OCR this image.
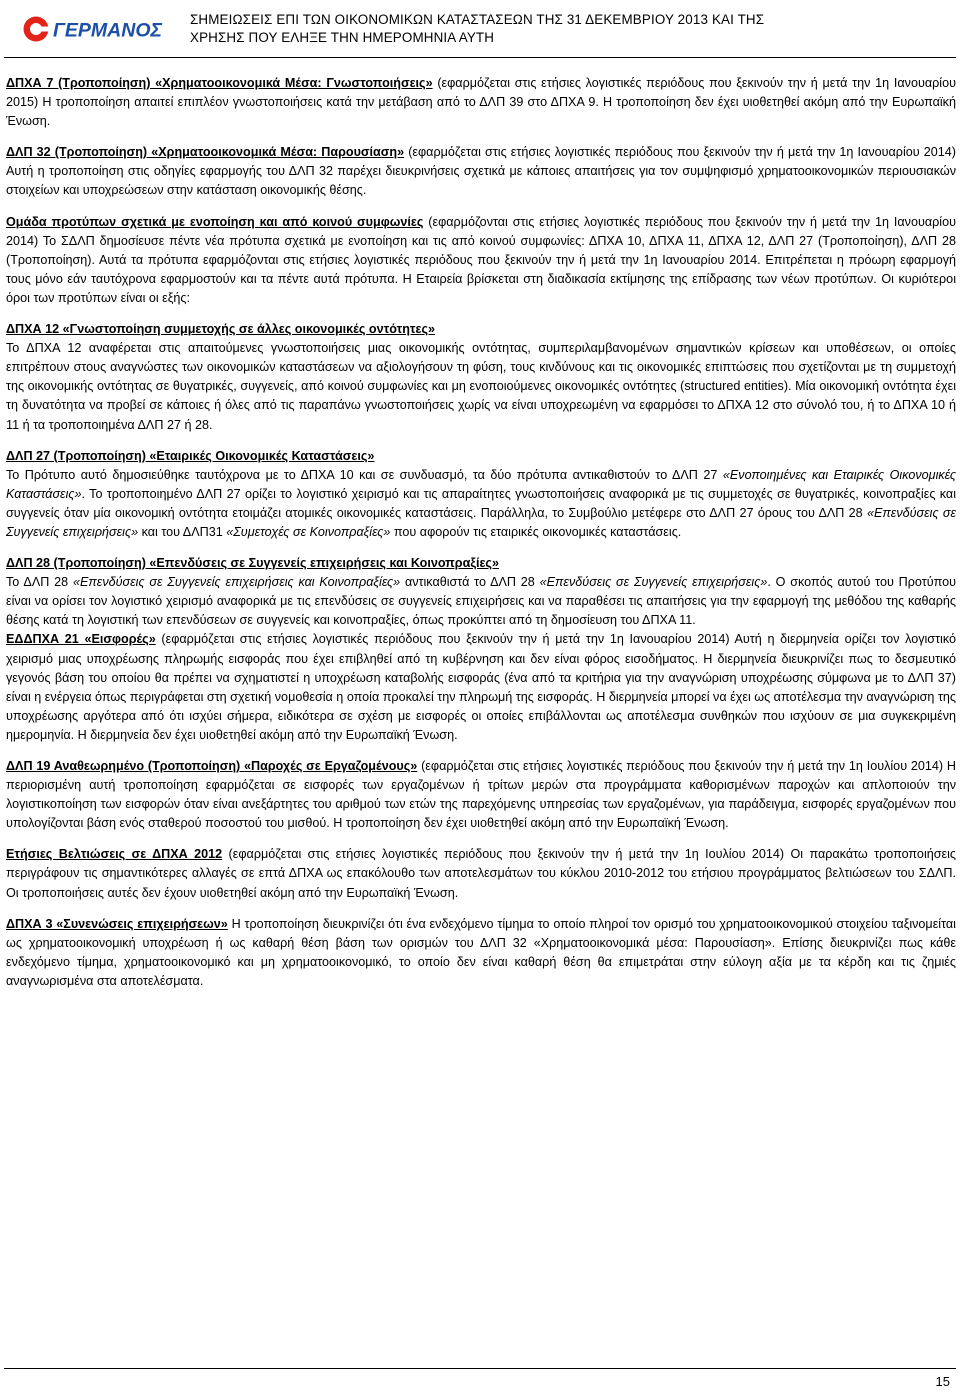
ΓΕΡΜΑΝΟΣ ΣΗΜΕΙΩΣΕΙΣ ΕΠΙ ΤΩΝ ΟΙΚΟΝΟΜΙΚΩΝ ΚΑΤΑΣΤΑΣΕΩΝ ΤΗΣ 31 ΔΕΚΕΜΒΡΙΟΥ 2013 ΚΑΙ ΤΗΣ
ΧΡΗΣΗΣ ΠΟΥ ΕΛΗΞΕ ΤΗΝ ΗΜΕΡΟΜΗΝΙΑ ΑΥΤΗ

ΔΠΧΑ 7 (Τροποποίηση) «Χρηματοοικονομικά Μέσα: Γνωστοποιήσεις» (εφαρμόζεται στις ετήσιες λογιστικές περιόδους που ξεκινούν την ή μετά την 1η Ιανουαρίου 2015) Η τροποποίηση απαιτεί επιπλέον γνωστοποιήσεις κατά την μετάβαση από το ΔΛΠ 39 στο ΔΠΧΑ 9. Η τροποποίηση δεν έχει υιοθετηθεί ακόμη από την Ευρωπαϊκή Ένωση.

ΔΛΠ 32 (Τροποποίηση) «Χρηματοοικονομικά Μέσα: Παρουσίαση» (εφαρμόζεται στις ετήσιες λογιστικές περιόδους που ξεκινούν την ή μετά την 1η Ιανουαρίου 2014) Αυτή η τροποποίηση στις οδηγίες εφαρμογής του ΔΛΠ 32 παρέχει διευκρινήσεις σχετικά με κάποιες απαιτήσεις για τον συμψηφισμό χρηματοοικονομικών περιουσιακών στοιχείων και υποχρεώσεων στην κατάσταση οικονομικής θέσης.

Ομάδα προτύπων σχετικά με ενοποίηση και από κοινού συμφωνίες (εφαρμόζονται στις ετήσιες λογιστικές περιόδους που ξεκινούν την ή μετά την 1η Ιανουαρίου 2014) Το ΣΔΛΠ δημοσίευσε πέντε νέα πρότυπα σχετικά με ενοποίηση και τις από κοινού συμφωνίες: ΔΠΧΑ 10, ΔΠΧΑ 11, ΔΠΧΑ 12, ΔΛΠ 27 (Τροποποίηση), ΔΛΠ 28 (Τροποποίηση). Αυτά τα πρότυπα εφαρμόζονται στις ετήσιες λογιστικές περιόδους που ξεκινούν την ή μετά την 1η Ιανουαρίου 2014. Επιτρέπεται η πρόωρη εφαρμογή τους μόνο εάν ταυτόχρονα εφαρμοστούν και τα πέντε αυτά πρότυπα. Η Εταιρεία βρίσκεται στη διαδικασία εκτίμησης της επίδρασης των νέων προτύπων. Οι κυριότεροι όροι των προτύπων είναι οι εξής:

ΔΠΧΑ 12 «Γνωστοποίηση συμμετοχής σε άλλες οικονομικές οντότητες»
Το ΔΠΧΑ 12 αναφέρεται στις απαιτούμενες γνωστοποιήσεις μιας οικονομικής οντότητας, συμπεριλαμβανομένων σημαντικών κρίσεων και υποθέσεων, οι οποίες επιτρέπουν στους αναγνώστες των οικονομικών καταστάσεων να αξιολογήσουν τη φύση, τους κινδύνους και τις οικονομικές επιπτώσεις που σχετίζονται με τη συμμετοχή της οικονομικής οντότητας σε θυγατρικές, συγγενείς, από κοινού συμφωνίες και μη ενοποιούμενες οικονομικές οντότητες (structured entities). Μία οικονομική οντότητα έχει τη δυνατότητα να προβεί σε κάποιες ή όλες από τις παραπάνω γνωστοποιήσεις χωρίς να είναι υποχρεωμένη να εφαρμόσει το ΔΠΧΑ 12 στο σύνολό του, ή το ΔΠΧΑ 10 ή 11 ή τα τροποποιημένα ΔΛΠ 27 ή 28.

ΔΛΠ 27 (Τροποποίηση) «Εταιρικές Οικονομικές Καταστάσεις»
Το Πρότυπο αυτό δημοσιεύθηκε ταυτόχρονα με το ΔΠΧΑ 10 και σε συνδυασμό, τα δύο πρότυπα αντικαθιστούν το ΔΛΠ 27 «Ενοποιημένες και Εταιρικές Οικονομικές Καταστάσεις». Το τροποποιημένο ΔΛΠ 27 ορίζει το λογιστικό χειρισμό και τις απαραίτητες γνωστοποιήσεις αναφορικά με τις συμμετοχές σε θυγατρικές, κοινοπραξίες και συγγενείς όταν μία οικονομική οντότητα ετοιμάζει ατομικές οικονομικές καταστάσεις. Παράλληλα, το Συμβούλιο μετέφερε στο ΔΛΠ 27 όρους του ΔΛΠ 28 «Επενδύσεις σε Συγγενείς επιχειρήσεις» και του ΔΛΠ31 «Συμετοχές σε Κοινοπραξίες» που αφορούν τις εταιρικές οικονομικές καταστάσεις.

ΔΛΠ 28 (Τροποποίηση) «Επενδύσεις σε Συγγενείς επιχειρήσεις και Κοινοπραξίες»
Το ΔΛΠ 28 «Επενδύσεις σε Συγγενείς επιχειρήσεις και Κοινοπραξίες» αντικαθιστά το ΔΛΠ 28 «Επενδύσεις σε Συγγενείς επιχειρήσεις». Ο σκοπός αυτού του Προτύπου είναι να ορίσει τον λογιστικό χειρισμό αναφορικά με τις επενδύσεις σε συγγενείς επιχειρήσεις και να παραθέσει τις απαιτήσεις για την εφαρμογή της μεθόδου της καθαρής θέσης κατά τη λογιστική των επενδύσεων σε συγγενείς και κοινοπραξίες, όπως προκύπτει από τη δημοσίευση του ΔΠΧΑ 11.

ΕΔΔΠΧΑ 21 «Εισφορές» (εφαρμόζεται στις ετήσιες λογιστικές περιόδους που ξεκινούν την ή μετά την 1η Ιανουαρίου 2014) Αυτή η διερμηνεία ορίζει τον λογιστικό χειρισμό μιας υποχρέωσης πληρωμής εισφοράς που έχει επιβληθεί από τη κυβέρνηση και δεν είναι φόρος εισοδήματος. Η διερμηνεία διευκρινίζει πως το δεσμευτικό γεγονός βάση του οποίου θα πρέπει να σχηματιστεί η υποχρέωση καταβολής εισφοράς (ένα από τα κριτήρια για την αναγνώριση υποχρέωσης σύμφωνα με το ΔΛΠ 37) είναι η ενέργεια όπως περιγράφεται στη σχετική νομοθεσία η οποία προκαλεί την πληρωμή της εισφοράς. Η διερμηνεία μπορεί να έχει ως αποτέλεσμα την αναγνώριση της υποχρέωσης αργότερα από ότι ισχύει σήμερα, ειδικότερα σε σχέση με εισφορές οι οποίες επιβάλλονται ως αποτέλεσμα συνθηκών που ισχύουν σε μια συγκεκριμένη ημερομηνία. Η διερμηνεία δεν έχει υιοθετηθεί ακόμη από την Ευρωπαϊκή Ένωση.

ΔΛΠ 19 Αναθεωρημένο (Τροποποίηση) «Παροχές σε Εργαζομένους» (εφαρμόζεται στις ετήσιες λογιστικές περιόδους που ξεκινούν την ή μετά την 1η Ιουλίου 2014) Η περιορισμένη αυτή τροποποίηση εφαρμόζεται σε εισφορές των εργαζομένων ή τρίτων μερών στα προγράμματα καθορισμένων παροχών και απλοποιούν την λογιστικοποίηση των εισφορών όταν είναι ανεξάρτητες του αριθμού των ετών της παρεχόμενης υπηρεσίας των εργαζομένων, για παράδειγμα, εισφορές εργαζομένων που υπολογίζονται βάση ενός σταθερού ποσοστού του μισθού. Η τροποποίηση δεν έχει υιοθετηθεί ακόμη από την Ευρωπαϊκή Ένωση.

Ετήσιες Βελτιώσεις σε ΔΠΧΑ 2012 (εφαρμόζεται στις ετήσιες λογιστικές περιόδους που ξεκινούν την ή μετά την 1η Ιουλίου 2014) Οι παρακάτω τροποποιήσεις περιγράφουν τις σημαντικότερες αλλαγές σε επτά ΔΠΧΑ ως επακόλουθο των αποτελεσμάτων του κύκλου 2010-2012 του ετήσιου προγράμματος βελτιώσεων του ΣΔΛΠ. Οι τροποποιήσεις αυτές δεν έχουν υιοθετηθεί ακόμη από την Ευρωπαϊκή Ένωση.

ΔΠΧΑ 3 «Συνενώσεις επιχειρήσεων» Η τροποποίηση διευκρινίζει ότι ένα ενδεχόμενο τίμημα το οποίο πληροί τον ορισμό του χρηματοοικονομικού στοιχείου ταξινομείται ως χρηματοοικονομική υποχρέωση ή ως καθαρή θέση βάση των ορισμών του ΔΛΠ 32 «Χρηματοοικονομικά μέσα: Παρουσίαση». Επίσης διευκρινίζει πως κάθε ενδεχόμενο τίμημα, χρηματοοικονομικό και μη χρηματοοικονομικό, το οποίο δεν είναι καθαρή θέση θα επιμετράται στην εύλογη αξία με τα κέρδη και τις ζημιές αναγνωρισμένα στα αποτελέσματα.

15
